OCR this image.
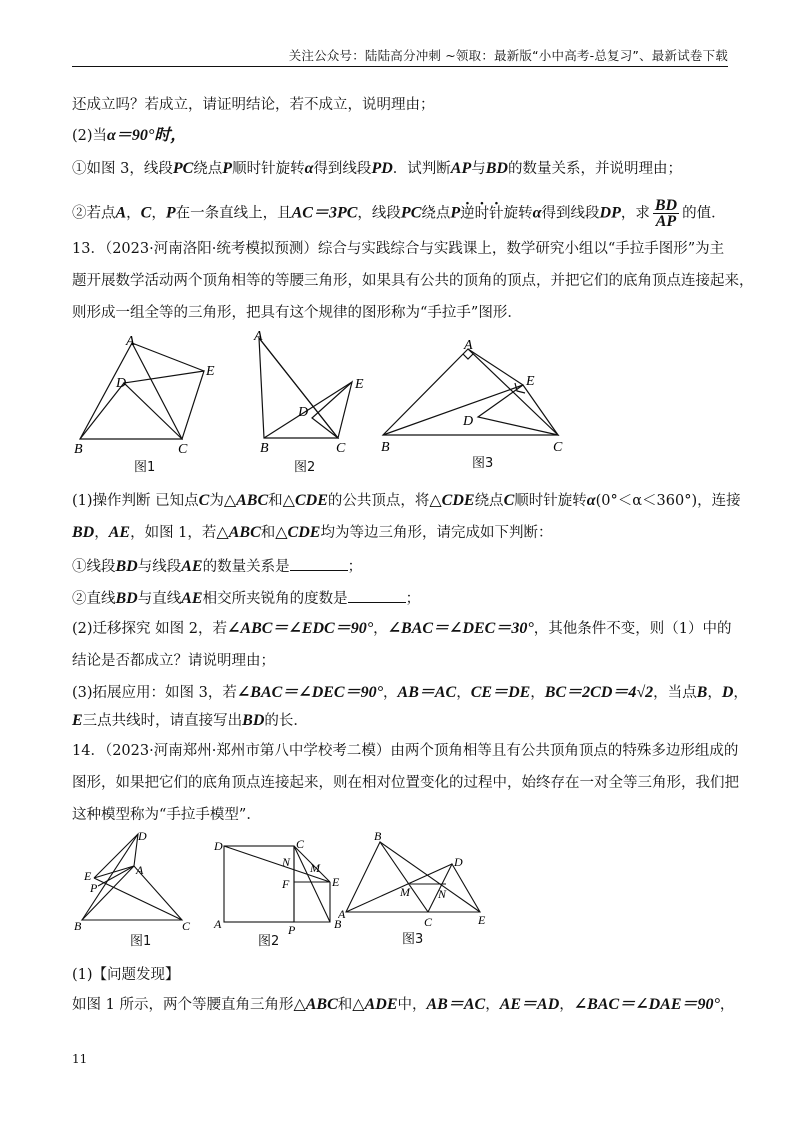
关注公众号：陆陆高分冲刺 ~领取：最新版“小中高考-总复习”、最新试卷下载
还成立吗？若成立，请证明结论，若不成立，说明理由；
(2)当α＝90°时，
①如图 3，线段PC绕点P顺时针旋转α得到线段PD．试判断AP与BD的数量关系，并说明理由；
②若点A，C，P在一条直线上，且AC＝3PC，线段PC绕点P逆时针旋转α得到线段DP，求 $\frac{BD}{AP}$ 的值．
13．（2023·河南洛阳·统考模拟预测）综合与实践综合与实践课上，数学研究小组以“手拉手图形”为主
题开展数学活动两个顶角相等的等腰三角形，如果具有公共的顶角的顶点，并把它们的底角顶点连接起来，
则形成一组全等的三角形，把具有这个规律的图形称为“手拉手”图形．
A
B	C
D
E
图1
A
B	C
D
E
图2
A
B	C
D
E
图3
(1)操作判断 已知点C为△ABC和△CDE的公共顶点，将△CDE绕点C顺时针旋转α(0°＜α＜360°)，连接
BD，AE，如图 1，若△ABC和△CDE均为等边三角形，请完成如下判断：
①线段BD与线段AE的数量关系是	；
②直线BD与直线AE相交所夹锐角的度数是	；
(2)迁移探究 如图 2，若∠ABC＝∠EDC＝90°，∠BAC＝∠DEC＝30°，其他条件不变，则（1）中的
结论是否都成立？请说明理由；
(3)拓展应用：如图 3，若∠BAC＝∠DEC＝90°，AB＝AC，CE＝DE，BC＝2CD＝4√2，当点B，D，
E三点共线时，请直接写出BD的长．
14．（2023·河南郑州·郑州市第八中学校考二模）由两个顶角相等且有公共顶角顶点的特殊多边形组成的
图形，如果把它们的底角顶点连接起来，则在相对位置变化的过程中，始终存在一对全等三角形，我们把
这种模型称为“手拉手模型”．
D
E
P
A
B	C
图1
D	C
N M
F	E
A	P	B
图2
B
D
M N
A
C	E
图3
(1)【问题发现】
如图 1 所示，两个等腰直角三角形△ABC和△ADE中，AB＝AC，AE＝AD，∠BAC＝∠DAE＝90°，
11
